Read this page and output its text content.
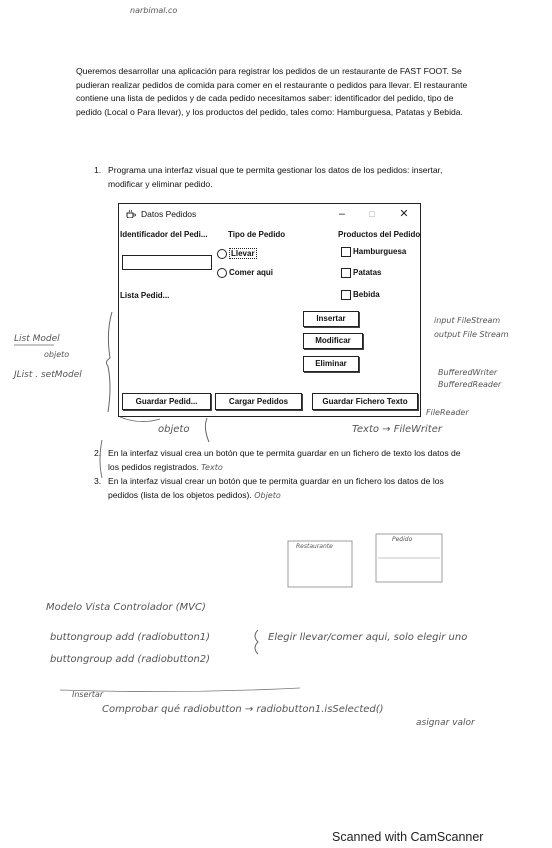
narbimal.co
Queremos desarrollar una aplicación para registrar los pedidos de un restaurante de FAST FOOT. Se pudieran realizar pedidos de comida para comer en el restaurante o pedidos para llevar. El restaurante contiene una lista de pedidos y de cada pedido necesitamos saber: identificador del pedido, tipo de pedido (Local o Para llevar), y los productos del pedido, tales como: Hamburguesa, Patatas y Bebida.
1. Programa una interfaz visual que te permita gestionar los datos de los pedidos: insertar, modificar y eliminar pedido.
Datos Pedidos	–	□	✕
Identificador del Pedi...	Tipo de Pedido	Productos del Pedido
Llevar
Comer aqui
Hamburguesa
Patatas
Bebida
Lista Pedid...
Insertar
Modificar
Eliminar
Guardar Pedid...	Cargar Pedidos	Guardar Fichero Texto
List Model
objeto
JList . setModel
input FileStream
output File Stream
BufferedWriter
BufferedReader
FileReader
objeto	Texto → FileWriter
2. En la interfaz visual crea un botón que te permita guardar en un fichero de texto los datos de los pedidos registrados. Texto
3. En la interfaz visual crear un botón que te permita guardar en un fichero los datos de los pedidos (lista de los objetos pedidos). Objeto
Restaurante
Pedido
Modelo Vista Controlador (MVC)
buttongroup add (radiobutton1)
buttongroup add (radiobutton2)
Elegir llevar/comer aqui, solo elegir uno
Insertar
Comprobar qué radiobutton → radiobutton1.isSelected()
asignar valor
Scanned with CamScanner
